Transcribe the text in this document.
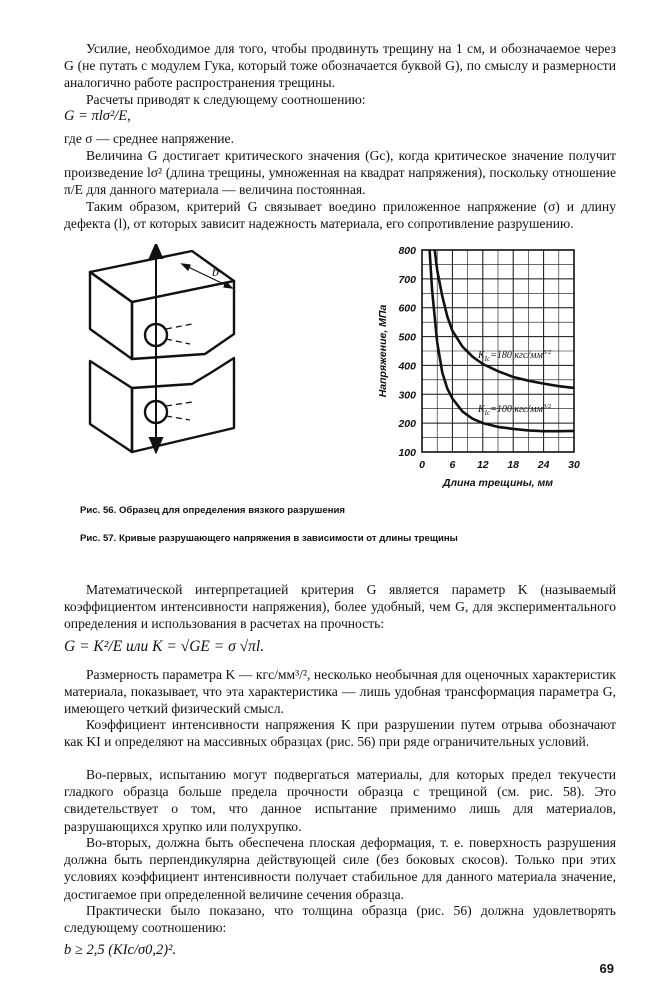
Усилие, необходимое для того, чтобы продвинуть трещину на 1 см, и обозначаемое через G (не путать с модулем Гука, который тоже обозначается буквой G), по смыслу и размерности аналогично работе распространения трещины.

Расчеты приводят к следующему соотношению:

G = πlσ²/E,

где σ — среднее напряжение.

Величина G достигает критического значения (Gc), когда критическое значение получит произведение lσ² (длина трещины, умноженная на квадрат напряжения), поскольку отношение π/E для данного материала — величина постоянная.

Таким образом, критерий G связывает воедино приложенное напряжение (σ) и длину дефекта (l), от которых зависит надежность материала, его сопротивление разрушению.

b
100
200
300
400
500
600
700
800
0 6 12 18 24 30
Напряжение, МПа
Длина трещины, мм
$K_{Ic}=180$ кгс/$мм^{3/2}$
$K_{Ic}=100$ кгс/$мм^{3/2}$

Рис. 56. Образец для определения вязкого разрушения

Рис. 57. Кривые разрушающего напряжения в зависимости от длины трещины

Математической интерпретацией критерия G является параметр K (называемый коэффициентом интенсивности напряжения), более удобный, чем G, для экспериментального определения и использования в расчетах на прочность:

G = K²/E или K = √GE = σ √πl.

Размерность параметра K — кгс/мм³/², несколько необычная для оценочных характеристик материала, показывает, что эта характеристика — лишь удобная трансформация параметра G, имеющего четкий физический смысл.

Коэффициент интенсивности напряжения K при разрушении путем отрыва обозначают как KI и определяют на массивных образцах (рис. 56) при ряде ограничительных условий.

Во-первых, испытанию могут подвергаться материалы, для которых предел текучести гладкого образца больше предела прочности образца с трещиной (см. рис. 58). Это свидетельствует о том, что данное испытание применимо лишь для материалов, разрушающихся хрупко или полухрупко.

Во-вторых, должна быть обеспечена плоская деформация, т. е. поверхность разрушения должна быть перпендикулярна действующей силе (без боковых скосов). Только при этих условиях коэффициент интенсивности получает стабильное для данного материала значение, достигаемое при определенной величине сечения образца.

Практически было показано, что толщина образца (рис. 56) должна удовлетворять следующему соотношению:

b ≥ 2,5 (KIc/σ0,2)².
69
